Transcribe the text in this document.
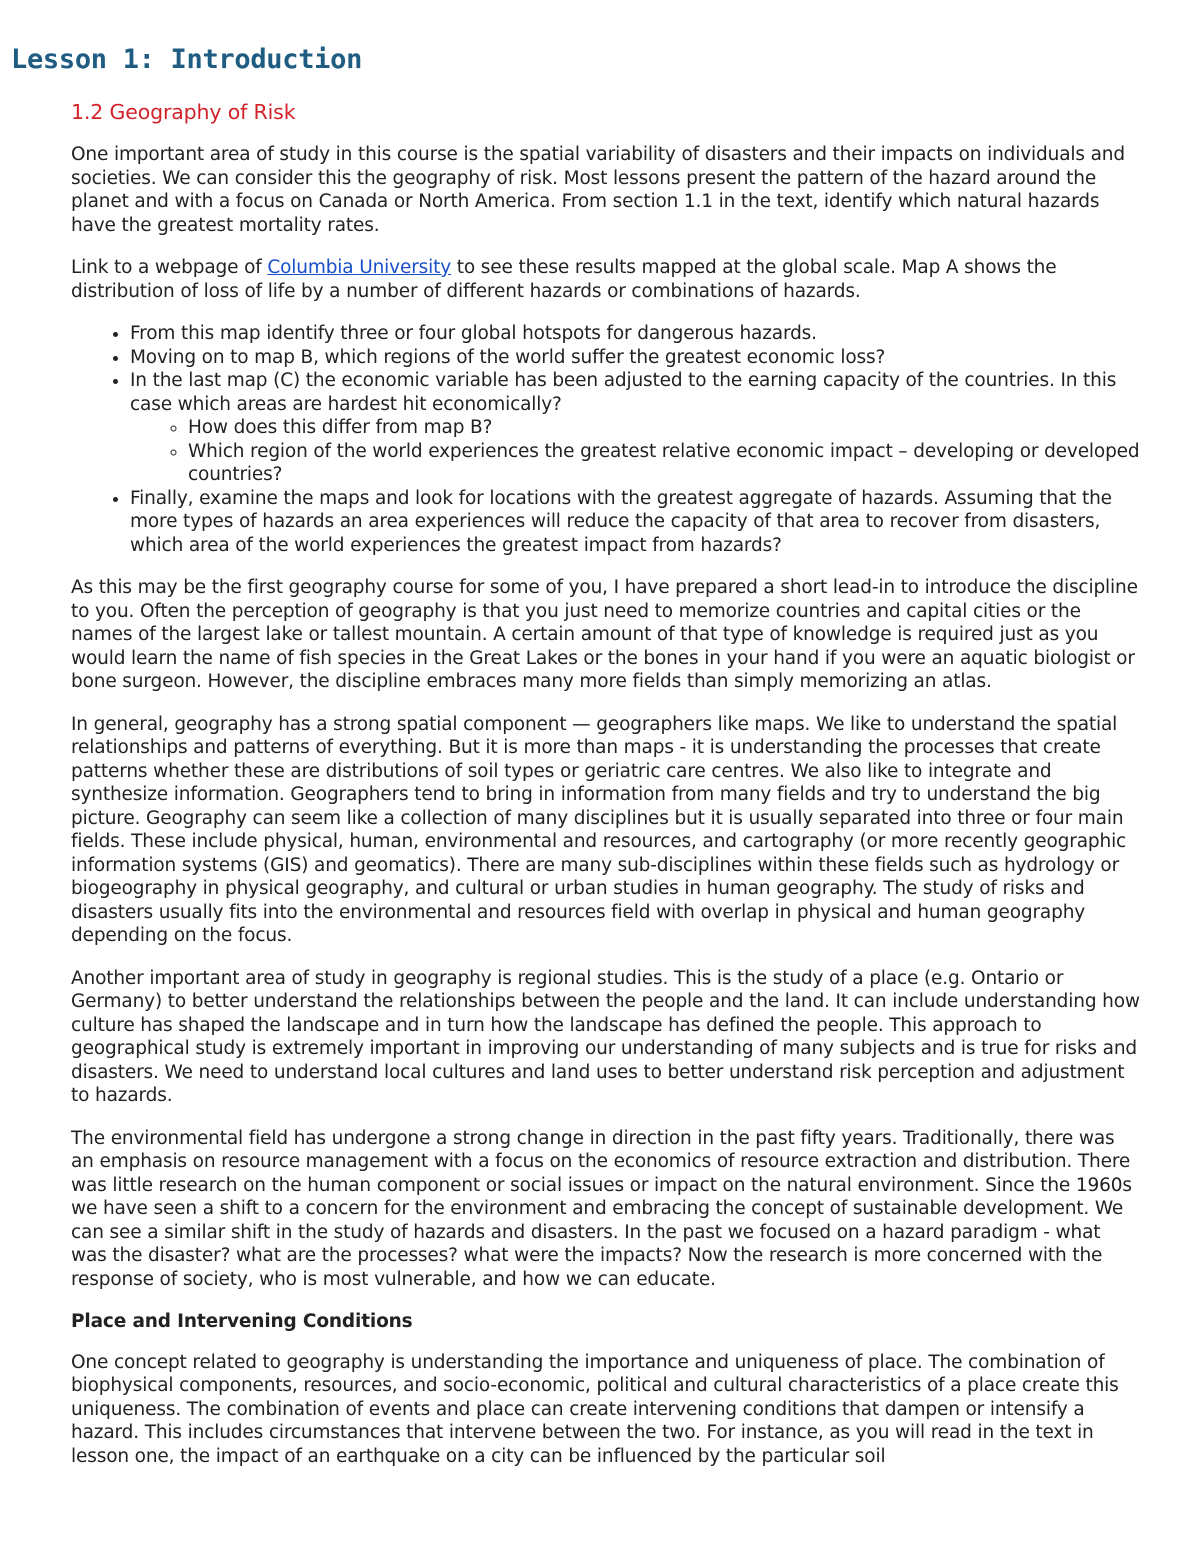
Lesson 1: Introduction
1.2 Geography of Risk

One important area of study in this course is the spatial variability of disasters and their impacts on individuals and societies. We can consider this the geography of risk. Most lessons present the pattern of the hazard around the planet and with a focus on Canada or North America. From section 1.1 in the text, identify which natural hazards have the greatest mortality rates.

Link to a webpage of Columbia University to see these results mapped at the global scale. Map A shows the distribution of loss of life by a number of different hazards or combinations of hazards.

• From this map identify three or four global hotspots for dangerous hazards.
• Moving on to map B, which regions of the world suffer the greatest economic loss?
• In the last map (C) the economic variable has been adjusted to the earning capacity of the countries. In this case which areas are hardest hit economically?
◦ How does this differ from map B?
◦ Which region of the world experiences the greatest relative economic impact – developing or developed countries?
• Finally, examine the maps and look for locations with the greatest aggregate of hazards. Assuming that the more types of hazards an area experiences will reduce the capacity of that area to recover from disasters, which area of the world experiences the greatest impact from hazards?

As this may be the first geography course for some of you, I have prepared a short lead-in to introduce the discipline to you. Often the perception of geography is that you just need to memorize countries and capital cities or the names of the largest lake or tallest mountain. A certain amount of that type of knowledge is required just as you would learn the name of fish species in the Great Lakes or the bones in your hand if you were an aquatic biologist or bone surgeon. However, the discipline embraces many more fields than simply memorizing an atlas.

In general, geography has a strong spatial component — geographers like maps. We like to understand the spatial relationships and patterns of everything. But it is more than maps - it is understanding the processes that create patterns whether these are distributions of soil types or geriatric care centres. We also like to integrate and synthesize information. Geographers tend to bring in information from many fields and try to understand the big picture. Geography can seem like a collection of many disciplines but it is usually separated into three or four main fields. These include physical, human, environmental and resources, and cartography (or more recently geographic information systems (GIS) and geomatics). There are many sub-disciplines within these fields such as hydrology or biogeography in physical geography, and cultural or urban studies in human geography. The study of risks and disasters usually fits into the environmental and resources field with overlap in physical and human geography depending on the focus.

Another important area of study in geography is regional studies. This is the study of a place (e.g. Ontario or Germany) to better understand the relationships between the people and the land. It can include understanding how culture has shaped the landscape and in turn how the landscape has defined the people. This approach to geographical study is extremely important in improving our understanding of many subjects and is true for risks and disasters. We need to understand local cultures and land uses to better understand risk perception and adjustment to hazards.

The environmental field has undergone a strong change in direction in the past fifty years. Traditionally, there was an emphasis on resource management with a focus on the economics of resource extraction and distribution. There was little research on the human component or social issues or impact on the natural environment. Since the 1960s we have seen a shift to a concern for the environment and embracing the concept of sustainable development. We can see a similar shift in the study of hazards and disasters. In the past we focused on a hazard paradigm - what was the disaster? what are the processes? what were the impacts? Now the research is more concerned with the response of society, who is most vulnerable, and how we can educate.

Place and Intervening Conditions

One concept related to geography is understanding the importance and uniqueness of place. The combination of biophysical components, resources, and socio-economic, political and cultural characteristics of a place create this uniqueness. The combination of events and place can create intervening conditions that dampen or intensify a hazard. This includes circumstances that intervene between the two. For instance, as you will read in the text in lesson one, the impact of an earthquake on a city can be influenced by the particular soil
